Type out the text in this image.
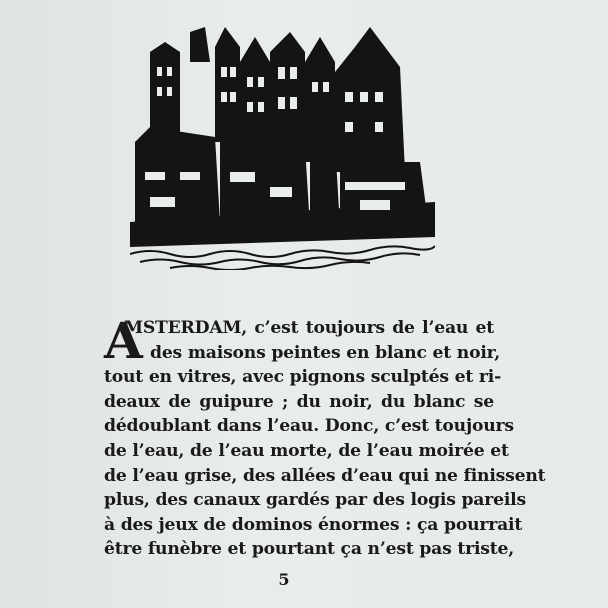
A
MSTERDAM, c’est toujours de l’eau et
des maisons peintes en blanc et noir,
tout en vitres, avec pignons sculptés et ri-
deaux de guipure ; du noir, du blanc se
dédoublant dans l’eau. Donc, c’est toujours
de l’eau, de l’eau morte, de l’eau moirée et
de l’eau grise, des allées d’eau qui ne finissent
plus, des canaux gardés par des logis pareils
à des jeux de dominos énormes : ça pourrait
être funèbre et pourtant ça n’est pas triste,
5
